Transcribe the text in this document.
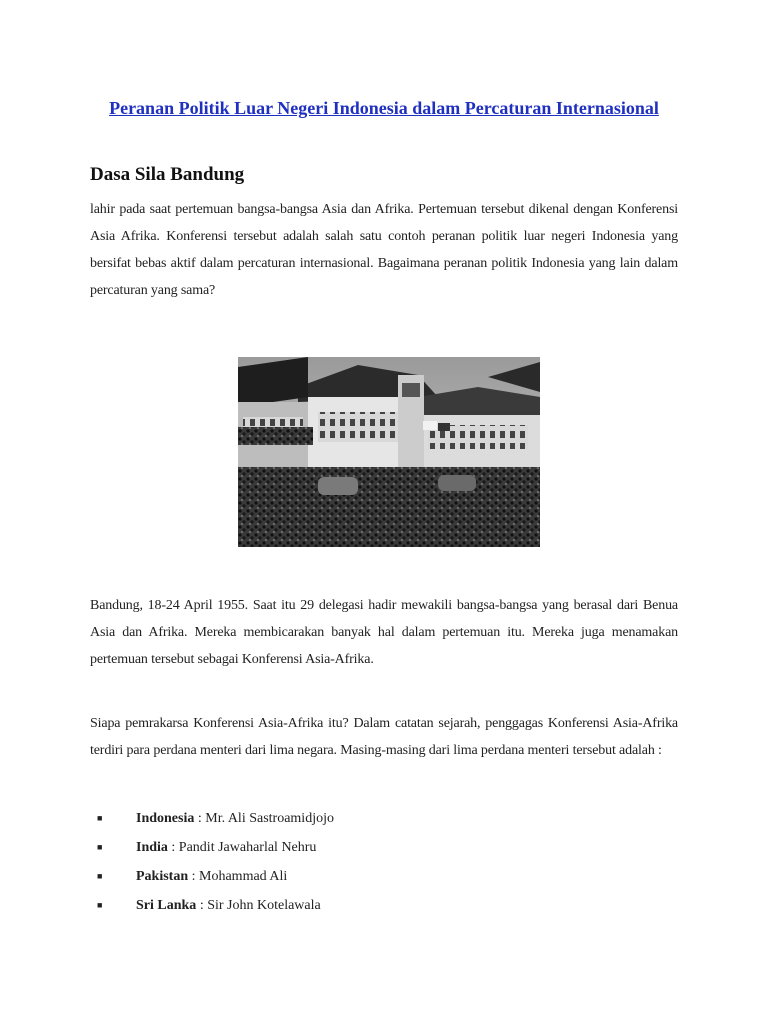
Peranan Politik Luar Negeri Indonesia dalam Percaturan Internasional
Dasa Sila Bandung
lahir pada saat pertemuan bangsa-bangsa Asia dan Afrika. Pertemuan tersebut dikenal dengan Konferensi Asia Afrika. Konferensi tersebut adalah salah satu contoh peranan politik luar negeri Indonesia yang bersifat bebas aktif dalam percaturan internasional. Bagaimana peranan politik Indonesia yang lain dalam percaturan yang sama?
Bandung, 18-24 April 1955. Saat itu 29 delegasi hadir mewakili bangsa-bangsa yang berasal dari Benua Asia dan Afrika. Mereka membicarakan banyak hal dalam pertemuan itu. Mereka juga menamakan pertemuan tersebut sebagai Konferensi Asia-Afrika.
Siapa pemrakarsa Konferensi Asia-Afrika itu? Dalam catatan sejarah, penggagas Konferensi Asia-Afrika terdiri para perdana menteri dari lima negara. Masing-masing dari lima perdana menteri tersebut adalah :
■ Indonesia : Mr. Ali Sastroamidjojo
■ India : Pandit Jawaharlal Nehru
■ Pakistan : Mohammad Ali
■ Sri Lanka : Sir John Kotelawala
